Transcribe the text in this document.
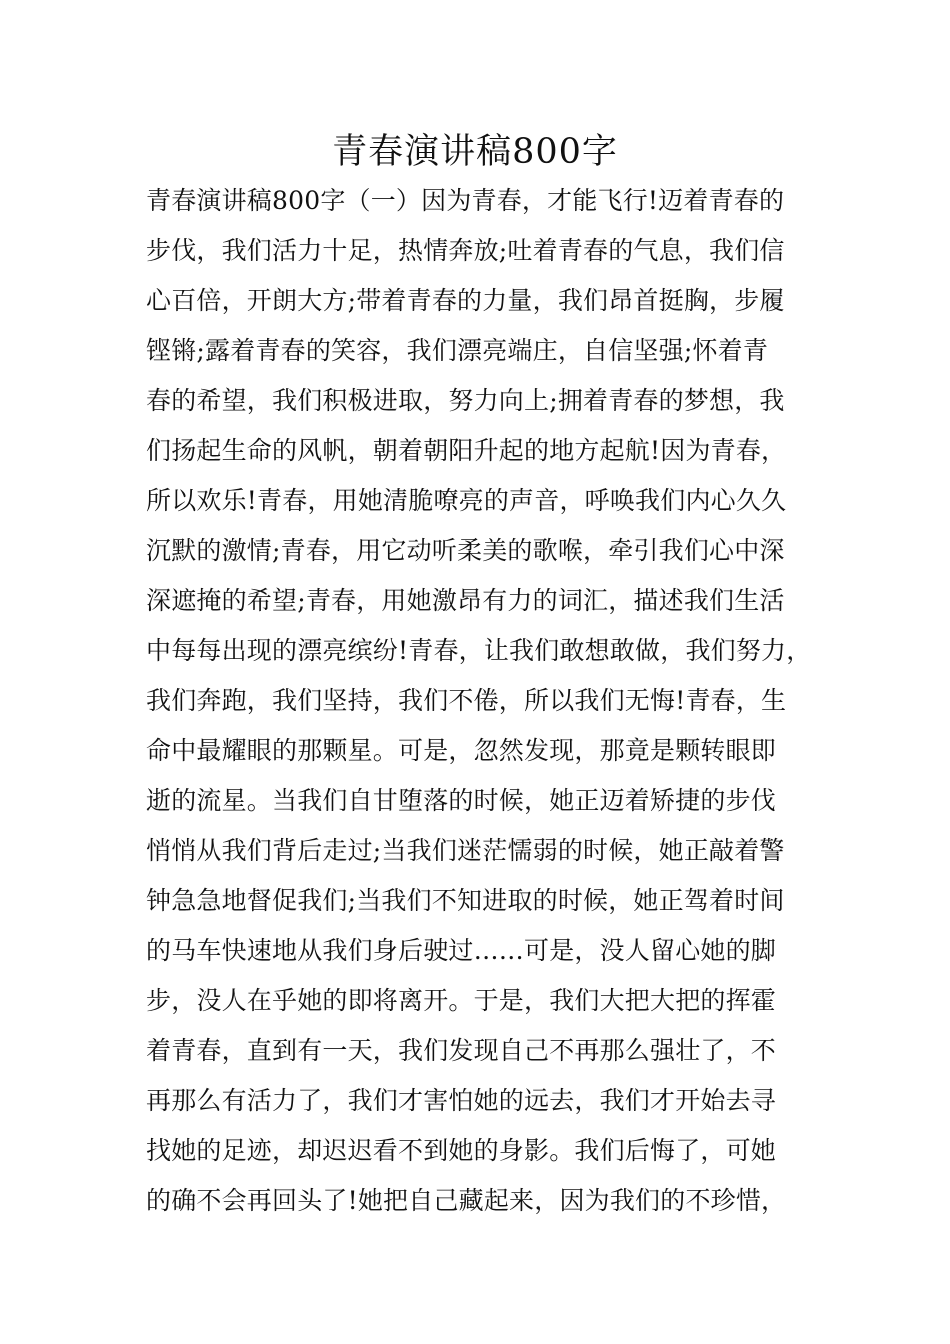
青春演讲稿800字
青春演讲稿800字（一）因为青春，才能飞行!迈着青春的
步伐，我们活力十足，热情奔放;吐着青春的气息，我们信
心百倍，开朗大方;带着青春的力量，我们昂首挺胸，步履
铿锵;露着青春的笑容，我们漂亮端庄，自信坚强;怀着青
春的希望，我们积极进取，努力向上;拥着青春的梦想，我
们扬起生命的风帆，朝着朝阳升起的地方起航!因为青春，
所以欢乐!青春，用她清脆嘹亮的声音，呼唤我们内心久久
沉默的激情;青春，用它动听柔美的歌喉，牵引我们心中深
深遮掩的希望;青春，用她激昂有力的词汇，描述我们生活
中每每出现的漂亮缤纷!青春，让我们敢想敢做，我们努力，
我们奔跑，我们坚持，我们不倦，所以我们无悔!青春，生
命中最耀眼的那颗星。可是，忽然发现，那竟是颗转眼即
逝的流星。当我们自甘堕落的时候，她正迈着矫捷的步伐
悄悄从我们背后走过;当我们迷茫懦弱的时候，她正敲着警
钟急急地督促我们;当我们不知进取的时候，她正驾着时间
的马车快速地从我们身后驶过……可是，没人留心她的脚
步，没人在乎她的即将离开。于是，我们大把大把的挥霍
着青春，直到有一天，我们发现自己不再那么强壮了，不
再那么有活力了，我们才害怕她的远去，我们才开始去寻
找她的足迹，却迟迟看不到她的身影。我们后悔了，可她
的确不会再回头了!她把自己藏起来，因为我们的不珍惜，
